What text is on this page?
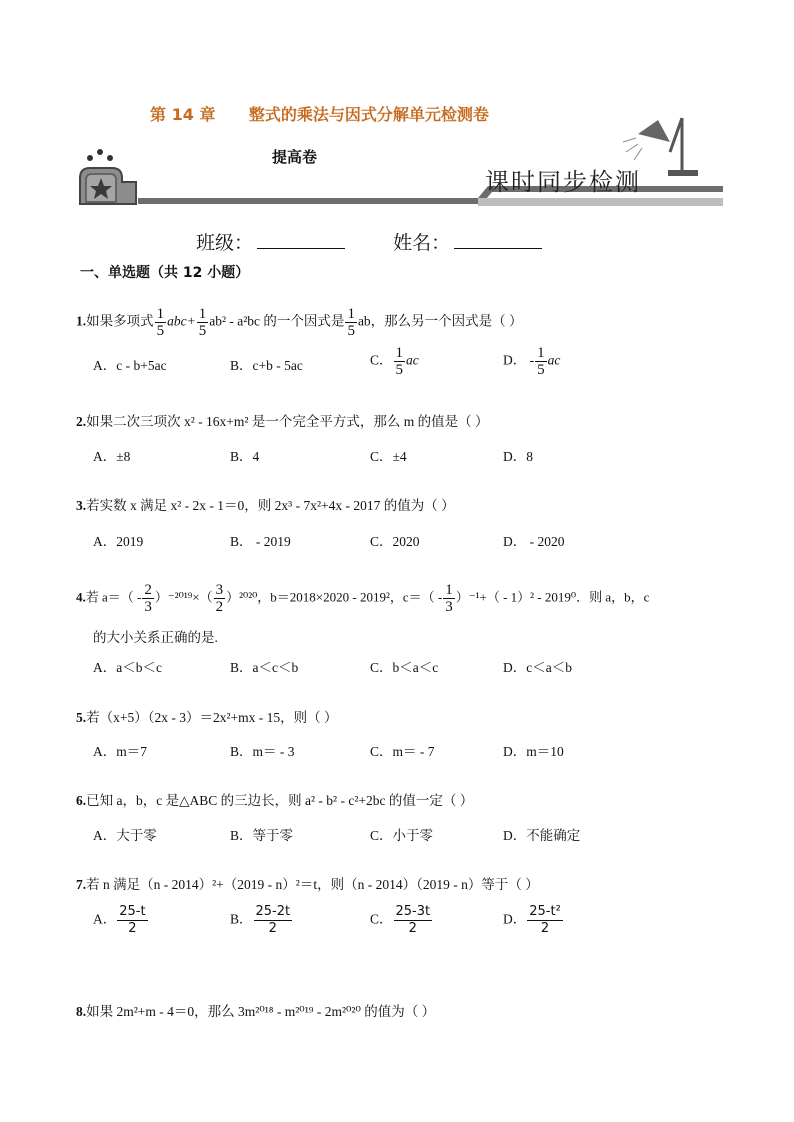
第 14 章      整式的乘法与因式分解单元检测卷
提高卷
课时同步检测
班级：	姓名：
一、单选题（共 12 小题）
1.如果多项式 $\frac{1}{5} abc+ \frac{1}{5} ab^2 - a^2bc$ 的一个因式是 $\frac{1}{5}$ ab，那么另一个因式是（ ）
A．c - b+5ac	B．c+b - 5ac	C． $\frac{1}{5}$ ac	D． - $\frac{1}{5}$ ac
2.如果二次三项次 x² - 16x+m² 是一个完全平方式，那么 m 的值是（ ）
A．±8	B．4	C．±4	D．8
3.若实数 x 满足 x² - 2x - 1＝0，则 2x³ - 7x²+4x - 2017 的值为（ ）
A．2019	B． - 2019	C．2020	D． - 2020
4.若 $a=( - \frac{2}{3} )^{-2019}\times( \frac{3}{2} )^{2020}$，b＝2018×2020 - 2019²，$c=( - \frac{1}{3} )^{-1}+( - 1)^2 - 2019^0$．则 a，b，c
的大小关系正确的是.
A．a＜b＜c	B．a＜c＜b	C．b＜a＜c	D．c＜a＜b
5.若（x+5）（2x - 3）＝2x²+mx - 15，则（ ）
A．m＝7	B．m＝ - 3	C．m＝ - 7	D．m＝10
6.已知 a，b，c 是△ABC 的三边长，则 a² - b² - c²+2bc 的值一定（ ）
A．大于零	B．等于零	C．小于零	D．不能确定
7.若 n 满足（n - 2014）²+（2019 - n）²＝t，则（n - 2014）（2019 - n）等于（ ）
A． $\frac{25-t}{2}$	B． $\frac{25-2t}{2}$	C． $\frac{25-3t}{2}$	D． $\frac{\text{25-t²}}{2}$
8.如果 2m²+m - 4＝0，那么 3m²⁰¹⁸ - m²⁰¹⁹ - 2m²⁰²⁰ 的值为（ ）
